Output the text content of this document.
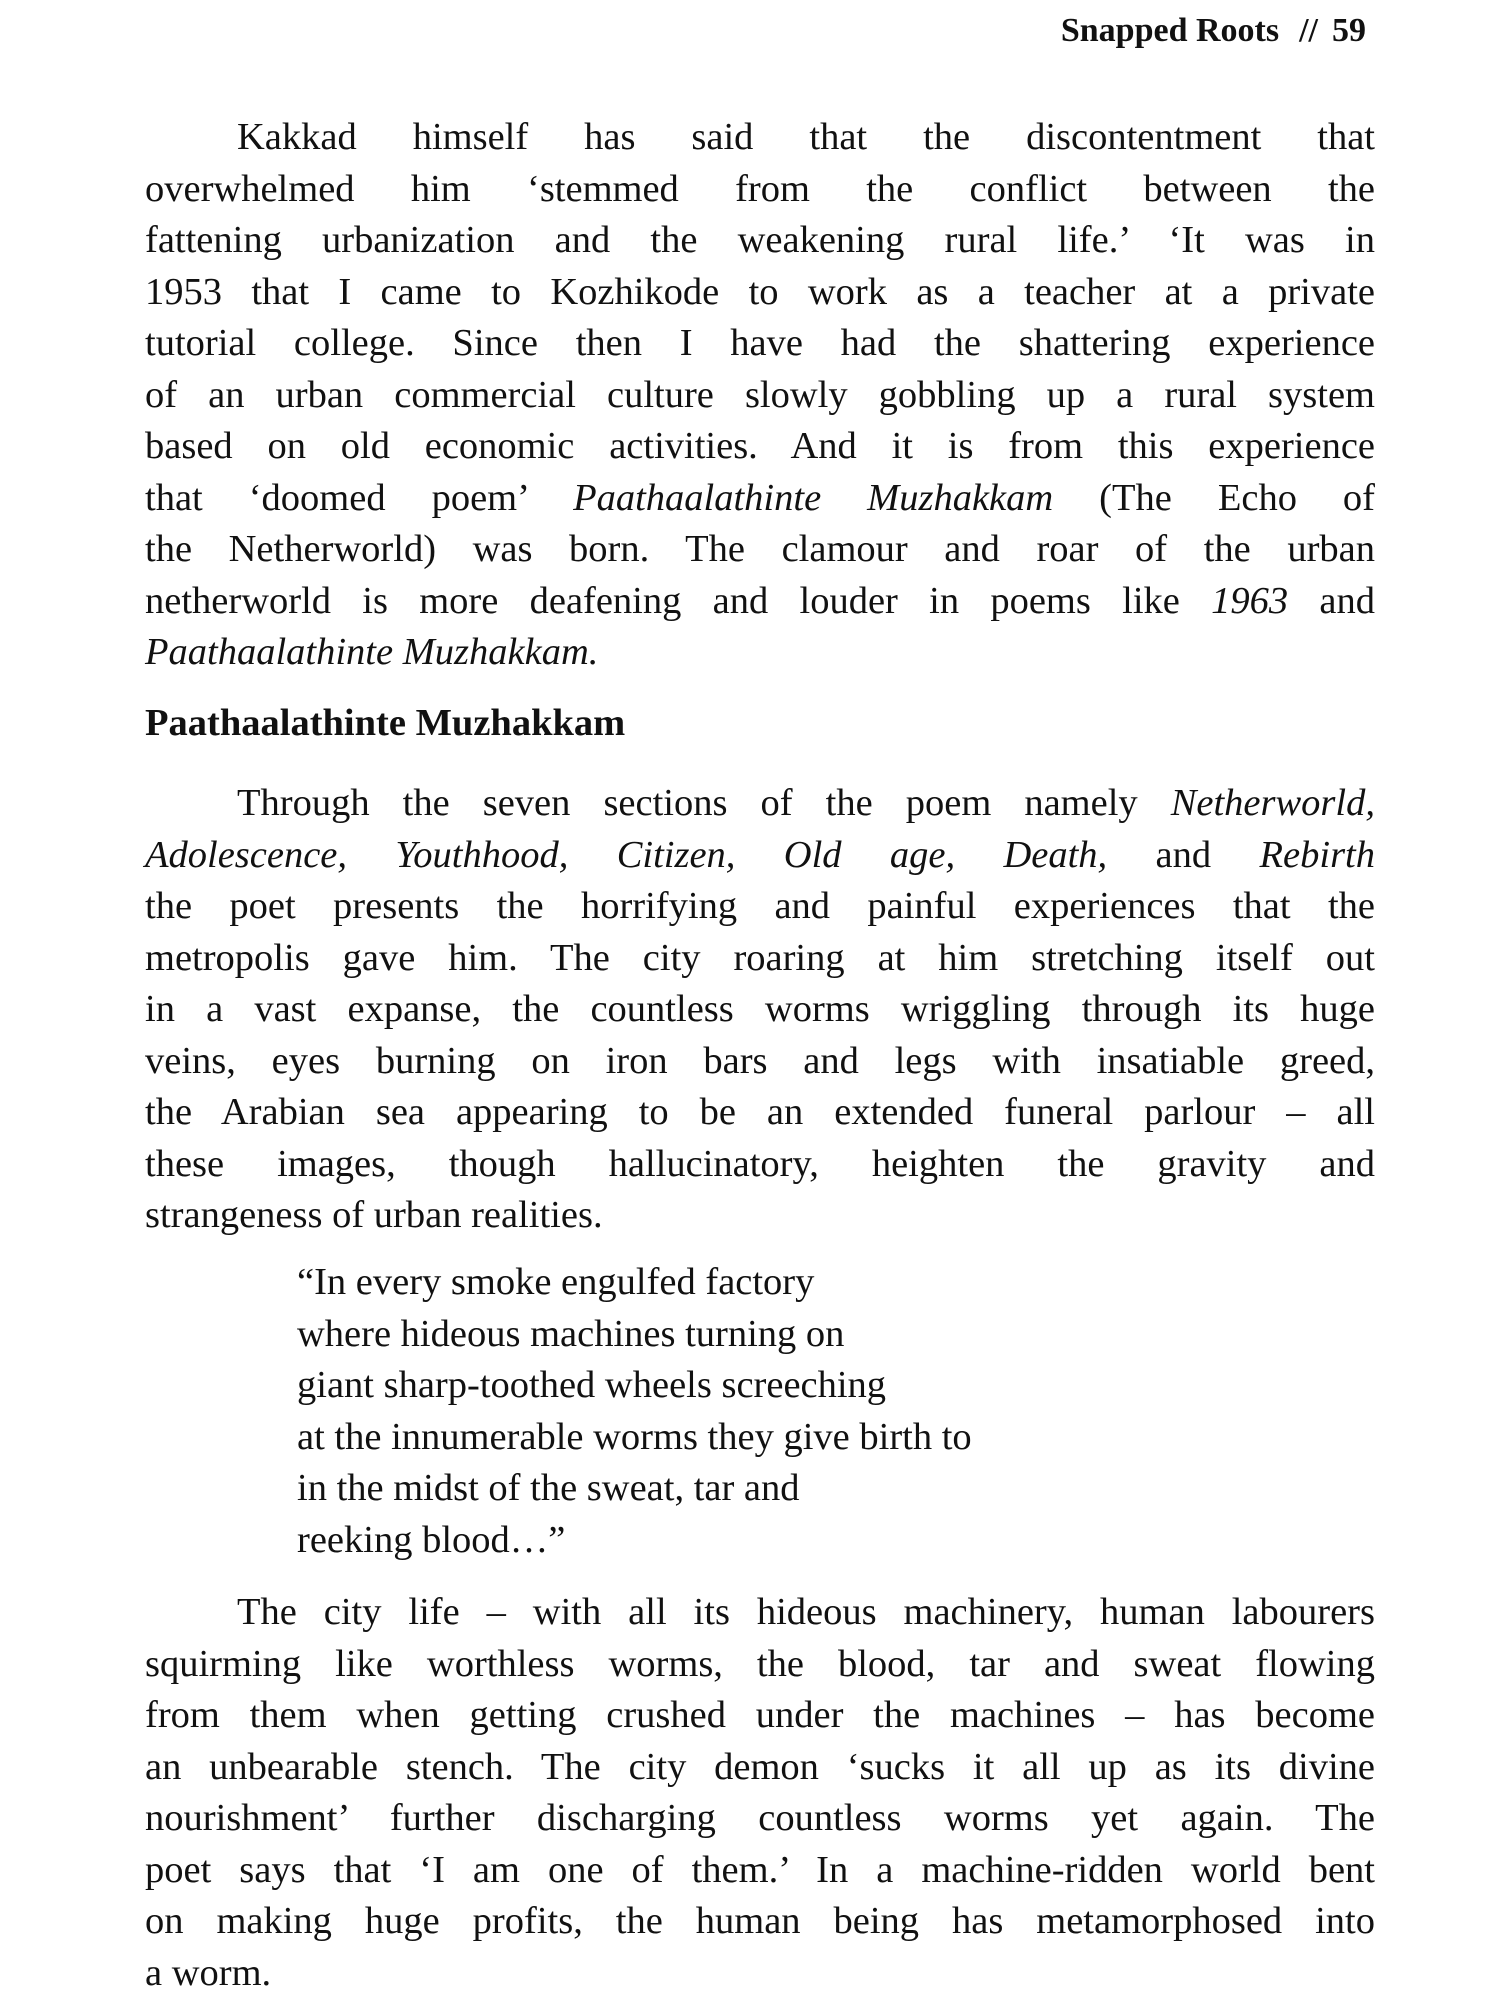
Snapped Roots // 59
Kakkad himself has said that the discontentment that
overwhelmed him ‘stemmed from the conflict between the
fattening urbanization and the weakening rural life.’ ‘It was in
1953 that I came to Kozhikode to work as a teacher at a private
tutorial college. Since then I have had the shattering experience
of an urban commercial culture slowly gobbling up a rural system
based on old economic activities. And it is from this experience
that ‘doomed poem’ Paathaalathinte Muzhakkam (The Echo of
the Netherworld) was born. The clamour and roar of the urban
netherworld is more deafening and louder in poems like 1963 and
Paathaalathinte Muzhakkam.
Paathaalathinte Muzhakkam
Through the seven sections of the poem namely Netherworld,
Adolescence, Youthhood, Citizen, Old age, Death, and Rebirth
the poet presents the horrifying and painful experiences that the
metropolis gave him. The city roaring at him stretching itself out
in a vast expanse, the countless worms wriggling through its huge
veins, eyes burning on iron bars and legs with insatiable greed,
the Arabian sea appearing to be an extended funeral parlour – all
these images, though hallucinatory, heighten the gravity and
strangeness of urban realities.
“In every smoke engulfed factory
where hideous machines turning on
giant sharp-toothed wheels screeching
at the innumerable worms they give birth to
in the midst of the sweat, tar and
reeking blood…”
The city life – with all its hideous machinery, human labourers
squirming like worthless worms, the blood, tar and sweat flowing
from them when getting crushed under the machines – has become
an unbearable stench. The city demon ‘sucks it all up as its divine
nourishment’ further discharging countless worms yet again. The
poet says that ‘I am one of them.’ In a machine-ridden world bent
on making huge profits, the human being has metamorphosed into
a worm.
